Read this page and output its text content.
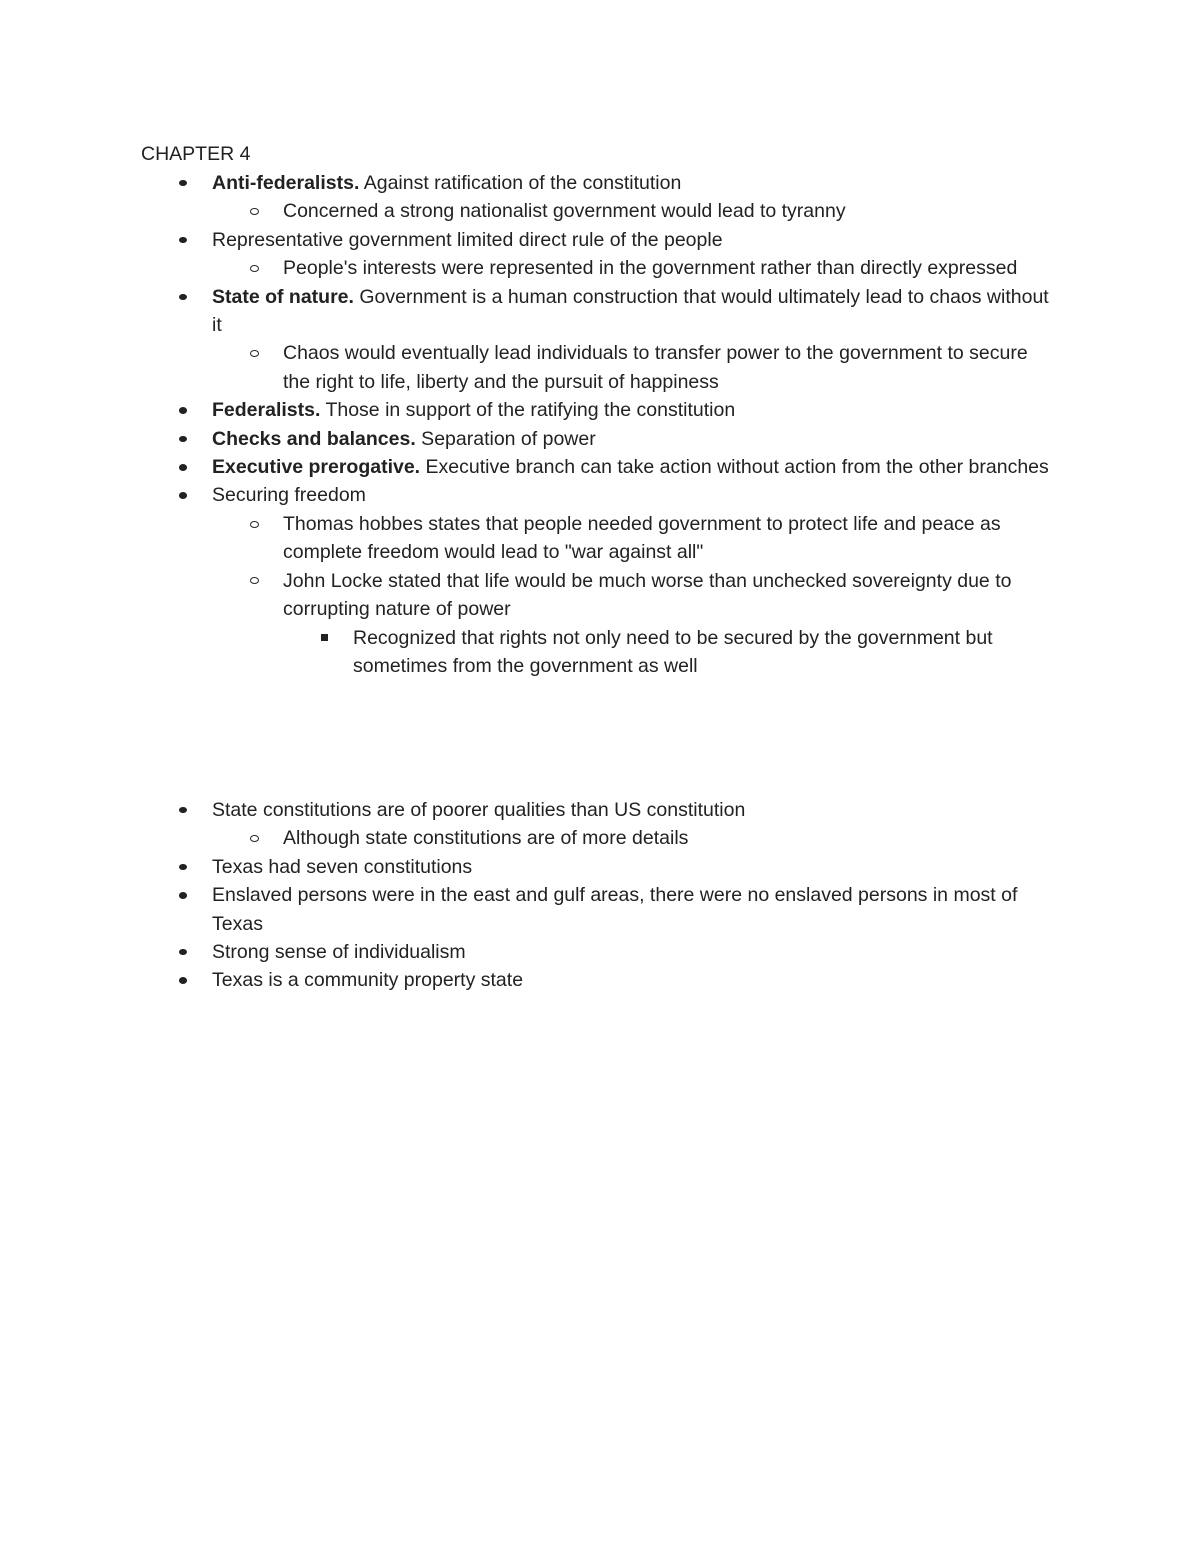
CHAPTER 4
Anti-federalists. Against ratification of the constitution
Concerned a strong nationalist government would lead to tyranny
Representative government limited direct rule of the people
People's interests were represented in the government rather than directly expressed
State of nature. Government is a human construction that would ultimately lead to chaos without it
Chaos would eventually lead individuals to transfer power to the government to secure the right to life, liberty and the pursuit of happiness
Federalists. Those in support of the ratifying the constitution
Checks and balances. Separation of power
Executive prerogative. Executive branch can take action without action from the other branches
Securing freedom
Thomas hobbes states that people needed government to protect life and peace as complete freedom would lead to "war against all"
John Locke stated that life would be much worse than unchecked sovereignty due to corrupting nature of power
Recognized that rights not only need to be secured by the government but sometimes from the government as well
State constitutions are of poorer qualities than US constitution
Although state constitutions are of more details
Texas had seven constitutions
Enslaved persons were in the east and gulf areas, there were no enslaved persons in most of Texas
Strong sense of individualism
Texas is a community property state
